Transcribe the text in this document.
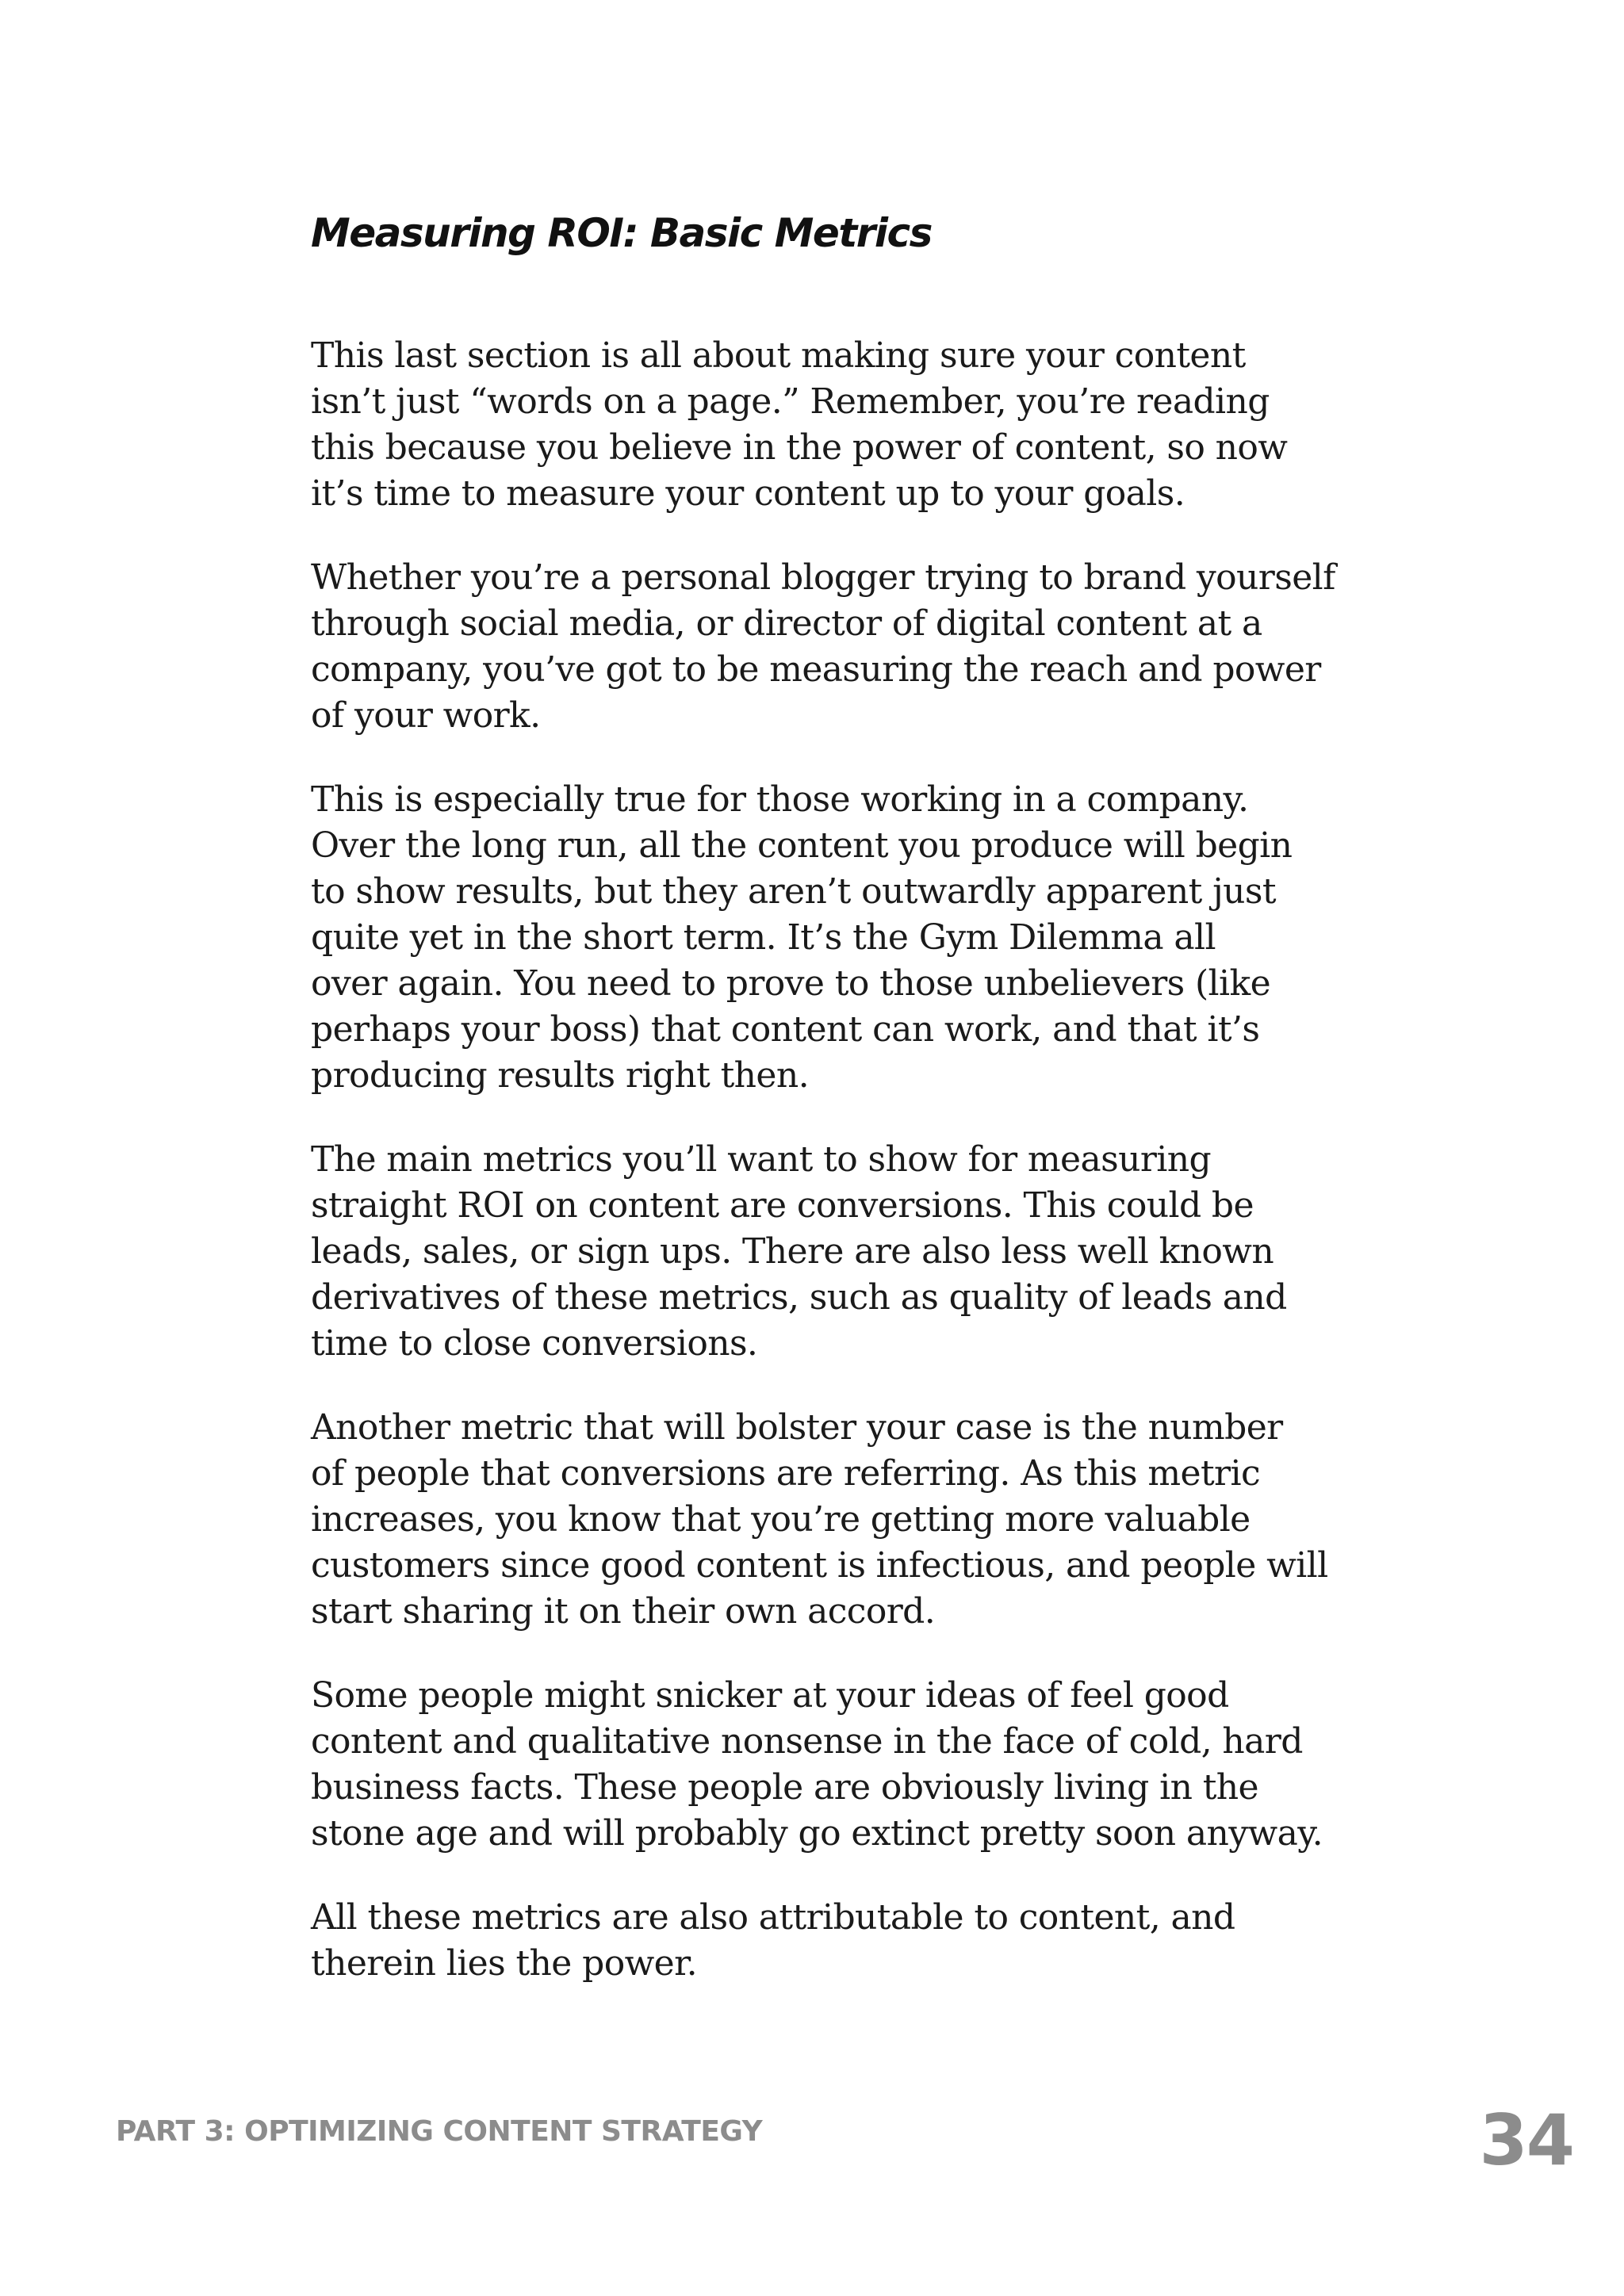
Measuring ROI: Basic Metrics

This last section is all about making sure your content
isn’t just “words on a page.” Remember, you’re reading
this because you believe in the power of content, so now
it’s time to measure your content up to your goals.

Whether you’re a personal blogger trying to brand yourself
through social media, or director of digital content at a
company, you’ve got to be measuring the reach and power
of your work.

This is especially true for those working in a company.
Over the long run, all the content you produce will begin
to show results, but they aren’t outwardly apparent just
quite yet in the short term. It’s the Gym Dilemma all
over again. You need to prove to those unbelievers (like
perhaps your boss) that content can work, and that it’s
producing results right then.

The main metrics you’ll want to show for measuring
straight ROI on content are conversions. This could be
leads, sales, or sign ups. There are also less well known
derivatives of these metrics, such as quality of leads and
time to close conversions.

Another metric that will bolster your case is the number
of people that conversions are referring. As this metric
increases, you know that you’re getting more valuable
customers since good content is infectious, and people will
start sharing it on their own accord.

Some people might snicker at your ideas of feel good
content and qualitative nonsense in the face of cold, hard
business facts. These people are obviously living in the
stone age and will probably go extinct pretty soon anyway.

All these metrics are also attributable to content, and
therein lies the power.

PART 3: OPTIMIZING CONTENT STRATEGY	34
